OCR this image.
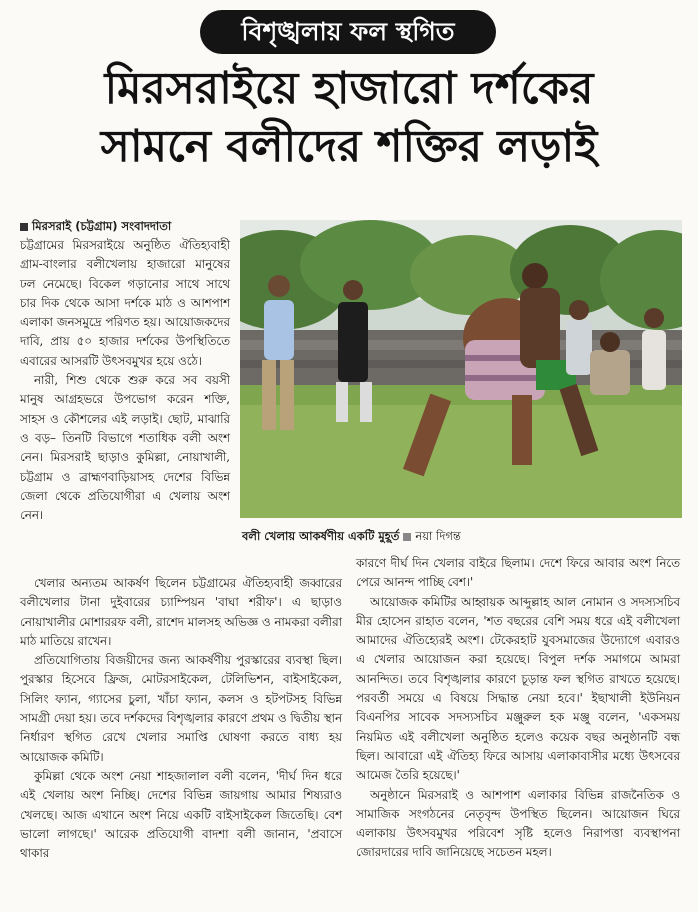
বিশৃঙ্খলায় ফল স্থগিত
মিরসরাইয়ে হাজারো দর্শকের
সামনে বলীদের শক্তির লড়াই
মিরসরাই (চট্টগ্রাম) সংবাদদাতা

চট্টগ্রামের মিরসরাইয়ে অনুষ্ঠিত ঐতিহ্যবাহী গ্রাম-বাংলার বলীখেলায় হাজারো মানুষের ঢল নেমেছে। বিকেল গড়ানোর সাথে সাথে চার দিক থেকে আসা দর্শকে মাঠ ও আশপাশ এলাকা জনসমুদ্রে পরিণত হয়। আয়োজকদের দাবি, প্রায় ৫০ হাজার দর্শকের উপস্থিতিতে এবারের আসরটি উৎসবমুখর হয়ে ওঠে।

নারী, শিশু থেকে শুরু করে সব বয়সী মানুষ আগ্রহভরে উপভোগ করেন শক্তি, সাহস ও কৌশলের এই লড়াই। ছোট, মাঝারি ও বড়– তিনটি বিভাগে শতাধিক বলী অংশ নেন। মিরসরাই ছাড়াও কুমিল্লা, নোয়াখালী, চট্টগ্রাম ও ব্রাহ্মণবাড়িয়াসহ দেশের বিভিন্ন জেলা থেকে প্রতিযোগীরা এ খেলায় অংশ নেন।

বলী খেলায় আকর্ষণীয় একটি মুহূর্ত নয়া দিগন্ত

খেলার অন্যতম আকর্ষণ ছিলেন চট্টগ্রামের ঐতিহ্যবাহী জব্বারের বলীখেলার টানা দুইবারের চ্যাম্পিয়ন 'বাঘা শরীফ'। এ ছাড়াও নোয়াখালীর মোশাররফ বলী, রাশেদ মালসহ অভিজ্ঞ ও নামকরা বলীরা মাঠ মাতিয়ে রাখেন।

প্রতিযোগিতায় বিজয়ীদের জন্য আকর্ষণীয় পুরস্কারের ব্যবস্থা ছিল। পুরস্কার হিসেবে ফ্রিজ, মোটরসাইকেল, টেলিভিশন, বাইসাইকেল, সিলিং ফ্যান, গ্যাসের চুলা, খাঁচা ফ্যান, কলস ও হটপটসহ বিভিন্ন সামগ্রী দেয়া হয়। তবে দর্শকদের বিশৃঙ্খলার কারণে প্রথম ও দ্বিতীয় স্থান নির্ধারণ স্থগিত রেখে খেলার সমাপ্তি ঘোষণা করতে বাধ্য হয় আয়োজক কমিটি।

কুমিল্লা থেকে অংশ নেয়া শাহজালাল বলী বলেন, 'দীর্ঘ দিন ধরে এই খেলায় অংশ নিচ্ছি। দেশের বিভিন্ন জায়গায় আমার শিষ্যরাও খেলছে। আজ এখানে অংশ নিয়ে একটি বাইসাইকেল জিতেছি। বেশ ভালো লাগছে।' আরেক প্রতিযোগী বাদশা বলী জানান, 'প্রবাসে থাকার

কারণে দীর্ঘ দিন খেলার বাইরে ছিলাম। দেশে ফিরে আবার অংশ নিতে পেরে আনন্দ পাচ্ছি বেশ।'

আয়োজক কমিটির আহ্বায়ক আব্দুল্লাহ আল নোমান ও সদস্যসচিব মীর হোসেন রাহাত বলেন, 'শত বছরের বেশি সময় ধরে এই বলীখেলা আমাদের ঐতিহ্যেরই অংশ। টেকেরহাট যুবসমাজের উদ্যোগে এবারও এ খেলার আয়োজন করা হয়েছে। বিপুল দর্শক সমাগমে আমরা আনন্দিত। তবে বিশৃঙ্খলার কারণে চূড়ান্ত ফল স্থগিত রাখতে হয়েছে। পরবর্তী সময়ে এ বিষয়ে সিদ্ধান্ত নেয়া হবে।' ইছাখালী ইউনিয়ন বিএনপির সাবেক সদস্যসচিব মঞ্জুরুল হক মঞ্জু বলেন, 'একসময় নিয়মিত এই বলীখেলা অনুষ্ঠিত হলেও কয়েক বছর অনুষ্ঠানটি বন্ধ ছিল। আবারো এই ঐতিহ্য ফিরে আসায় এলাকাবাসীর মধ্যে উৎসবের আমেজ তৈরি হয়েছে।'

অনুষ্ঠানে মিরসরাই ও আশপাশ এলাকার বিভিন্ন রাজনৈতিক ও সামাজিক সংগঠনের নেতৃবৃন্দ উপস্থিত ছিলেন। আয়োজন ঘিরে এলাকায় উৎসবমুখর পরিবেশ সৃষ্টি হলেও নিরাপত্তা ব্যবস্থাপনা জোরদারের দাবি জানিয়েছে সচেতন মহল।
